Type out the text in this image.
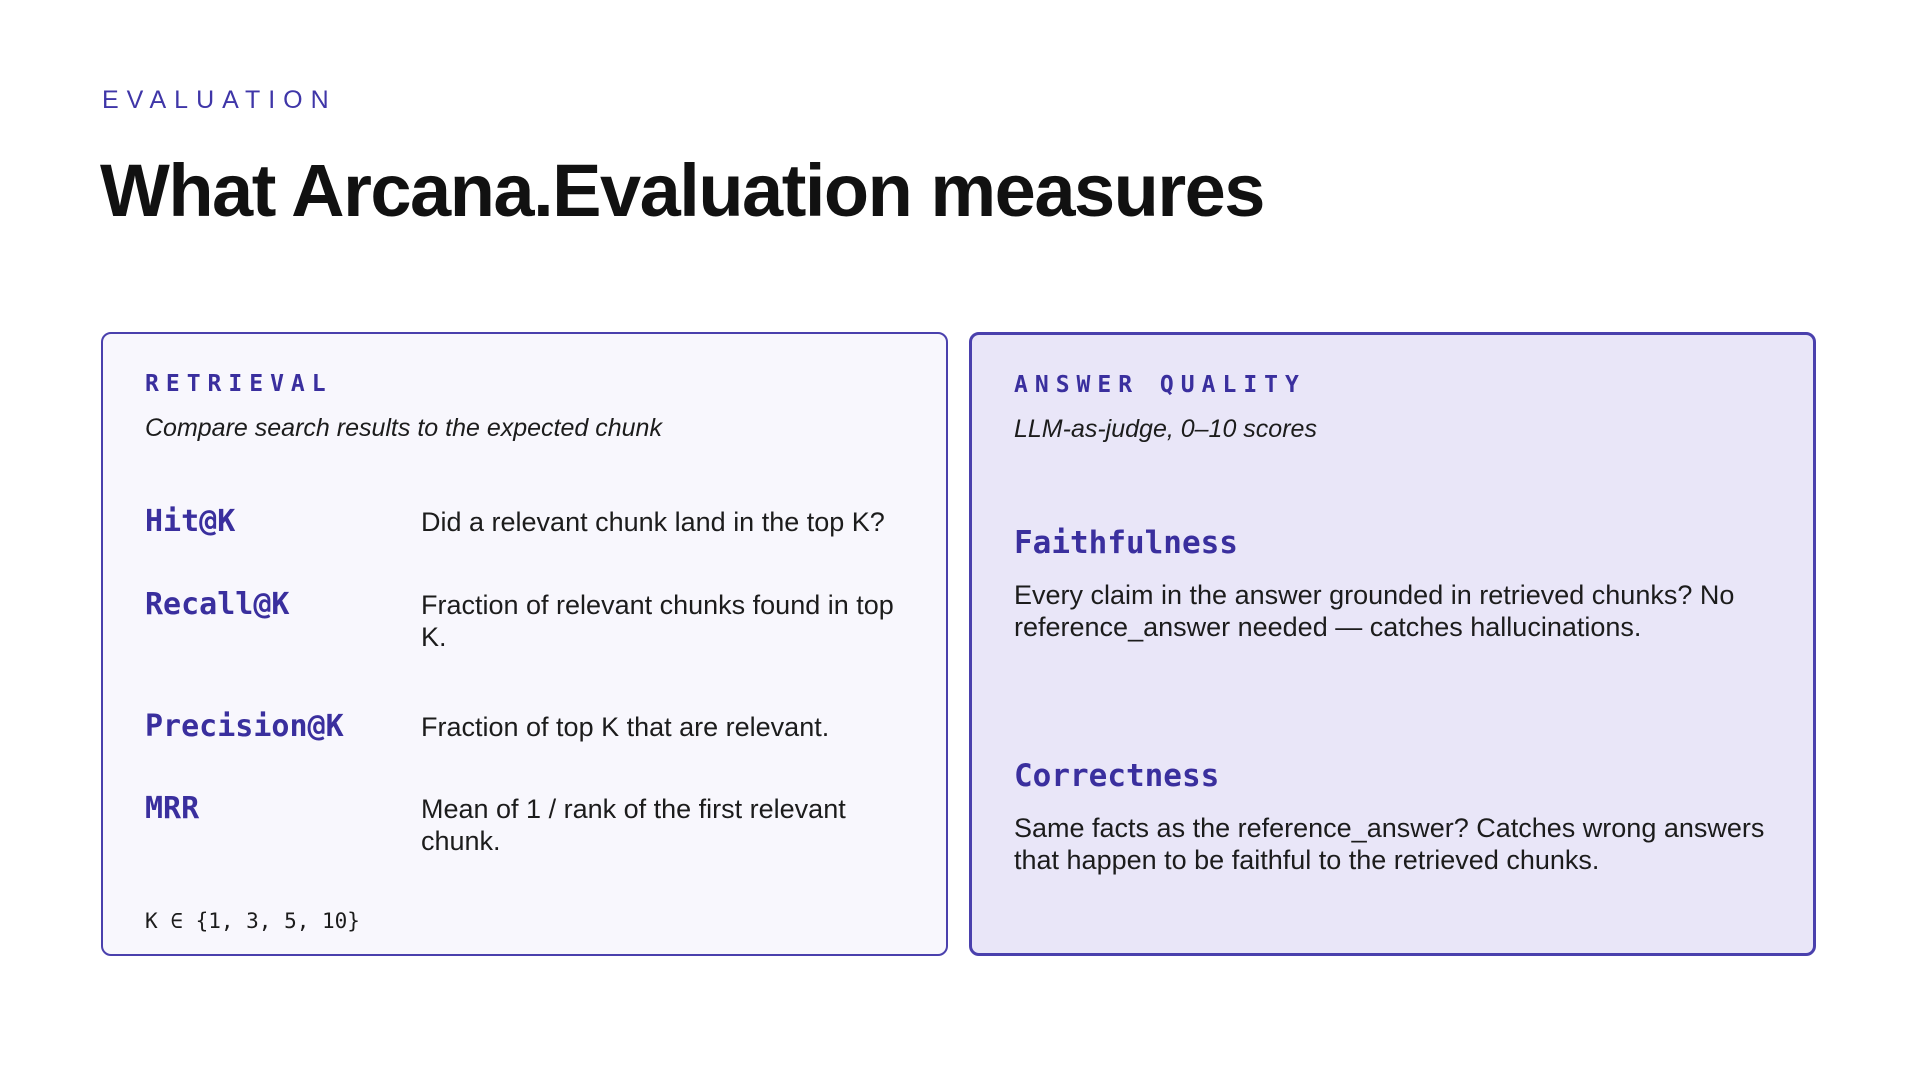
EVALUATION
What Arcana.Evaluation measures
RETRIEVAL
Compare search results to the expected chunk
Hit@K	Did a relevant chunk land in the top K?
Recall@K	Fraction of relevant chunks found in top K.
Precision@K	Fraction of top K that are relevant.
MRR	Mean of 1 / rank of the first relevant chunk.
K ∈ {1, 3, 5, 10}
ANSWER QUALITY
LLM-as-judge, 0–10 scores
Faithfulness

Every claim in the answer grounded in retrieved chunks? No reference_answer needed — catches hallucinations.

Correctness

Same facts as the reference_answer? Catches wrong answers that happen to be faithful to the retrieved chunks.
